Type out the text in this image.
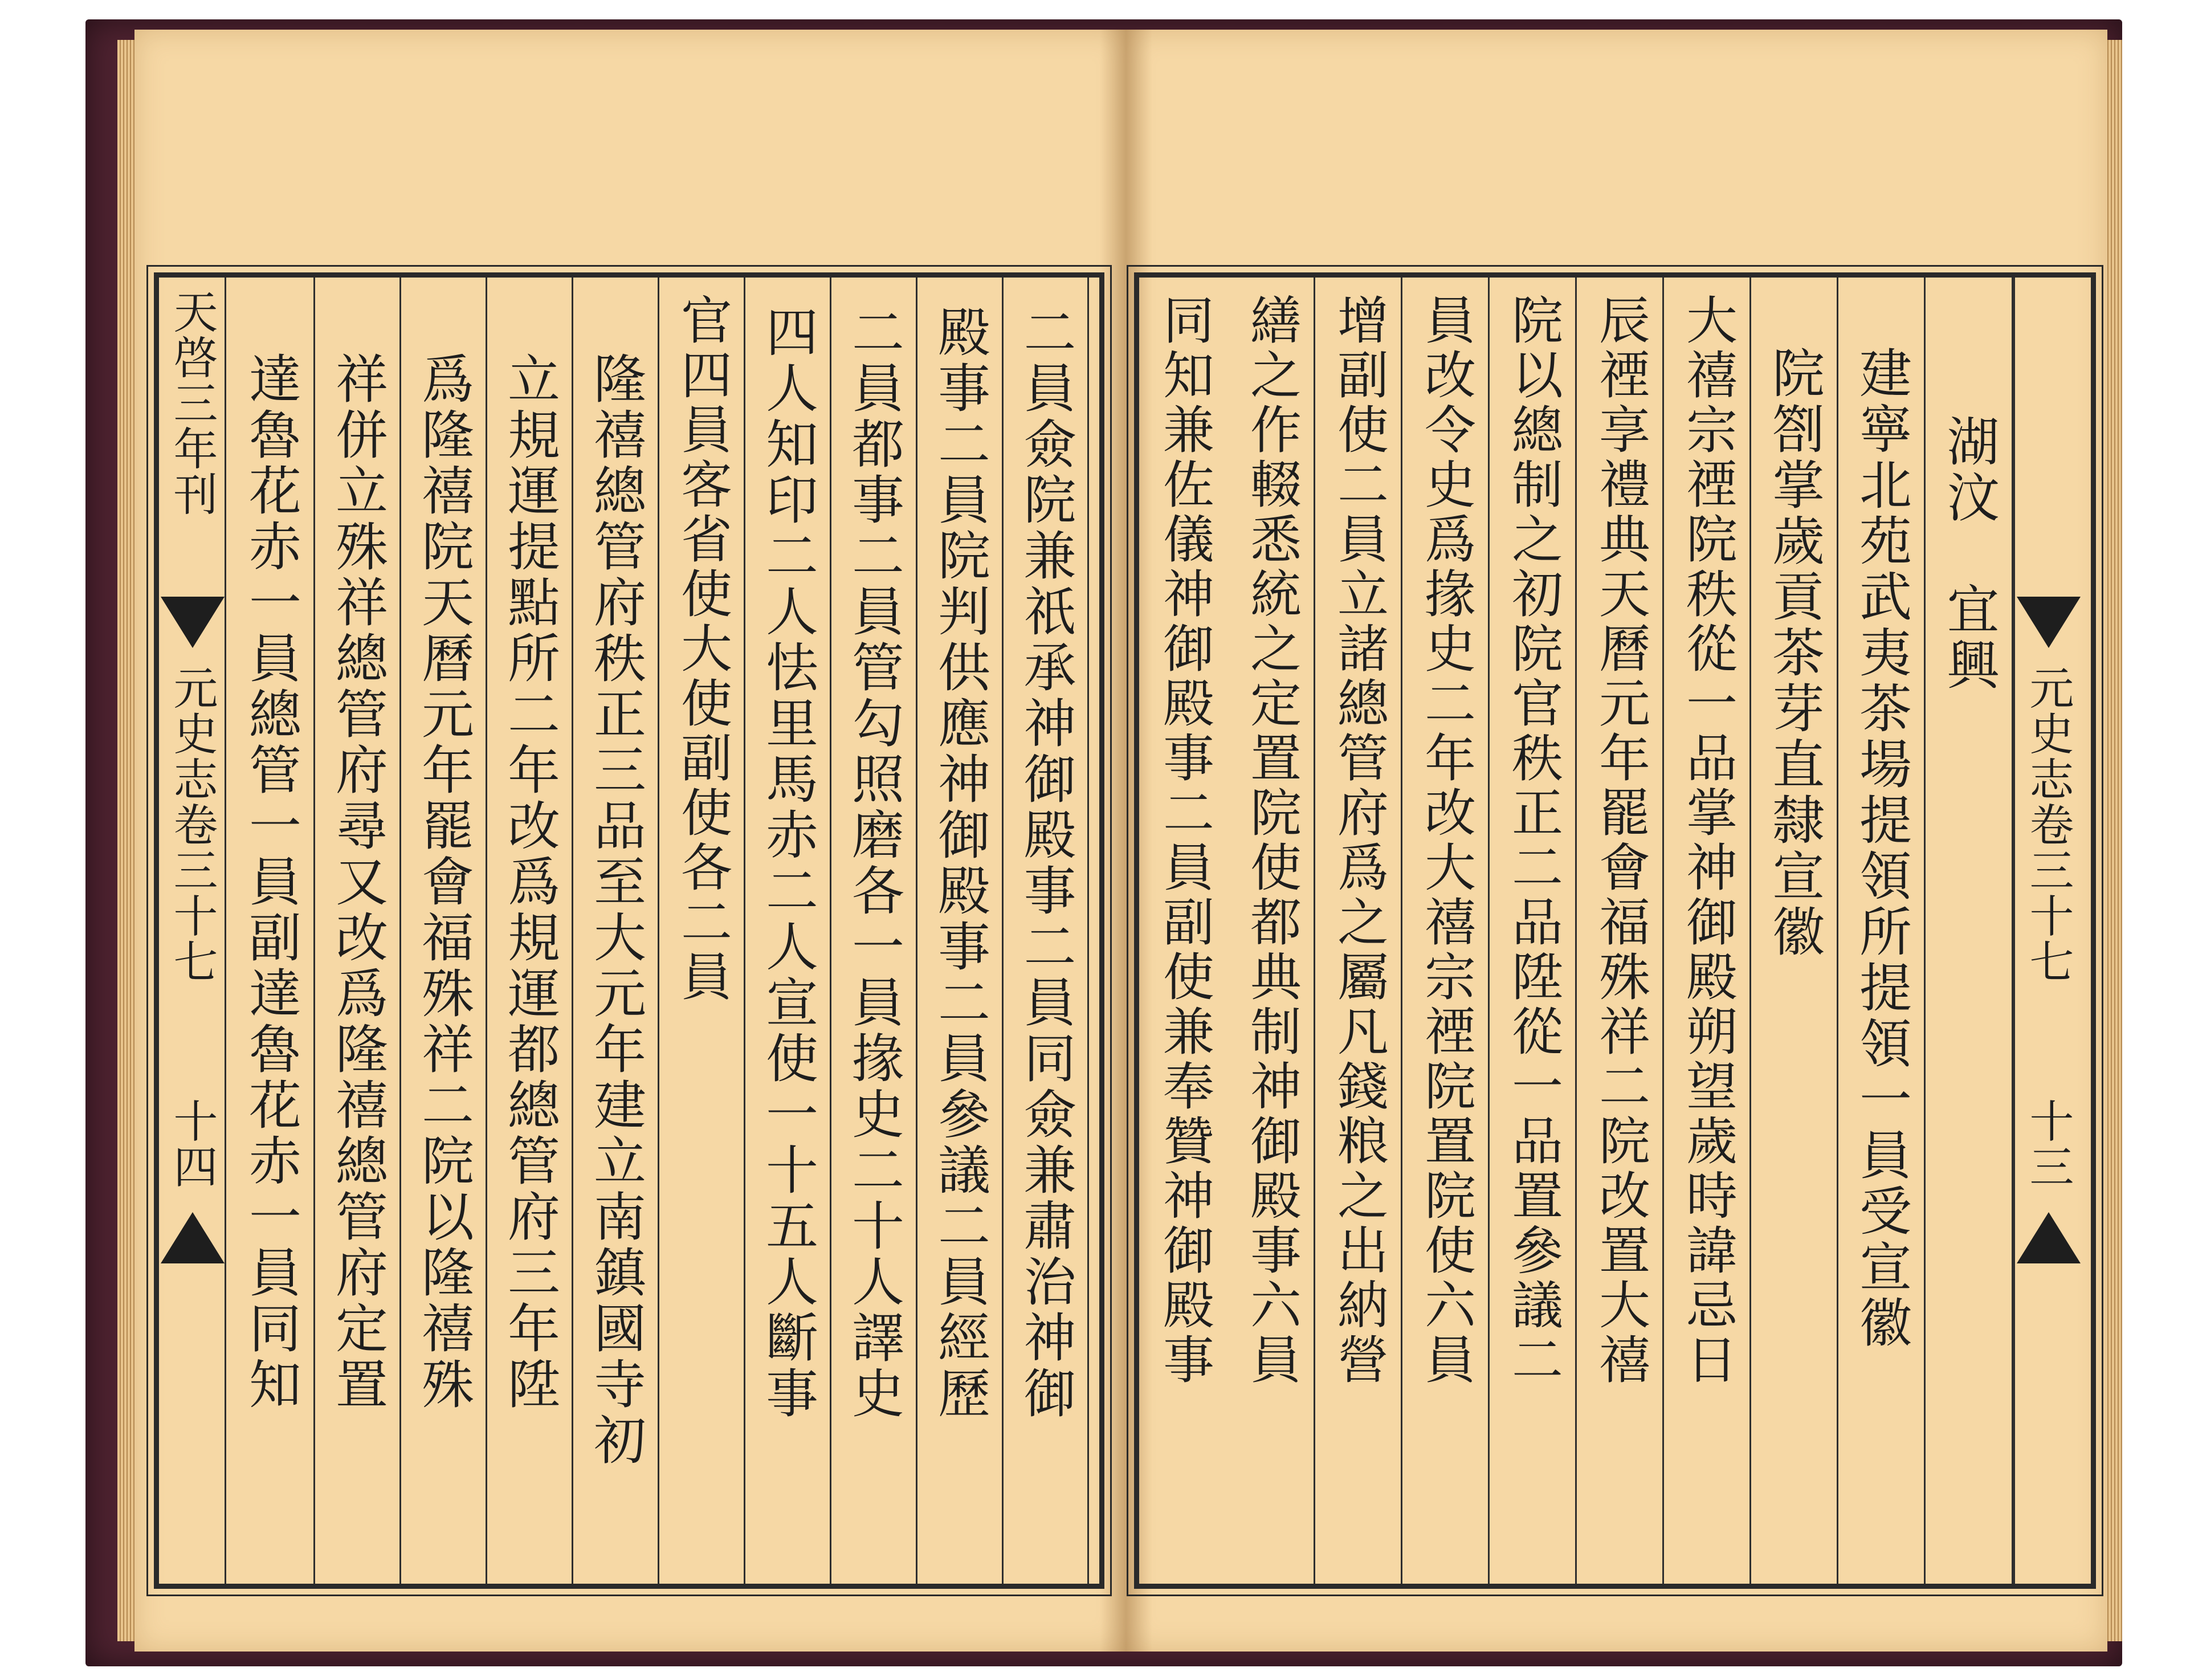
天啓三年刊
元史志卷三十七
十四	二員僉院兼祇承神御殿事二員同僉兼肅治神御
殿事二員院判供應神御殿事二員參議二員經歷
二員都事二員管勾照磨各一員掾史二十人譯史
四人知印二人怯里馬赤二人宣使一十五人斷事
官四員客省使大使副使各二員
隆禧總管府秩正三品至大元年建立南鎮國寺初
立規運提點所二年改爲規運都總管府三年陞
爲隆禧院天曆元年罷會福殊祥二院以隆禧殊
祥併立殊祥總管府尋又改爲隆禧總管府定置
達魯花赤一員總管一員副達魯花赤一員同知	元史志卷三十七
十三
湖汶　宜興
建寧北苑武夷茶場提領所提領一員受宣徽
院劄掌歲貢茶芽直隸宣徽
大禧宗禋院秩從一品掌神御殿朔望歲時諱忌日
辰禋享禮典天曆元年罷會福殊祥二院改置大禧
院以總制之初院官秩正二品陞從一品置參議二
員改令史爲掾史二年改大禧宗禋院置院使六員
增副使二員立諸總管府爲之屬凡錢粮之出納營
繕之作輟悉統之定置院使都典制神御殿事六員
同知兼佐儀神御殿事二員副使兼奉贊神御殿事
